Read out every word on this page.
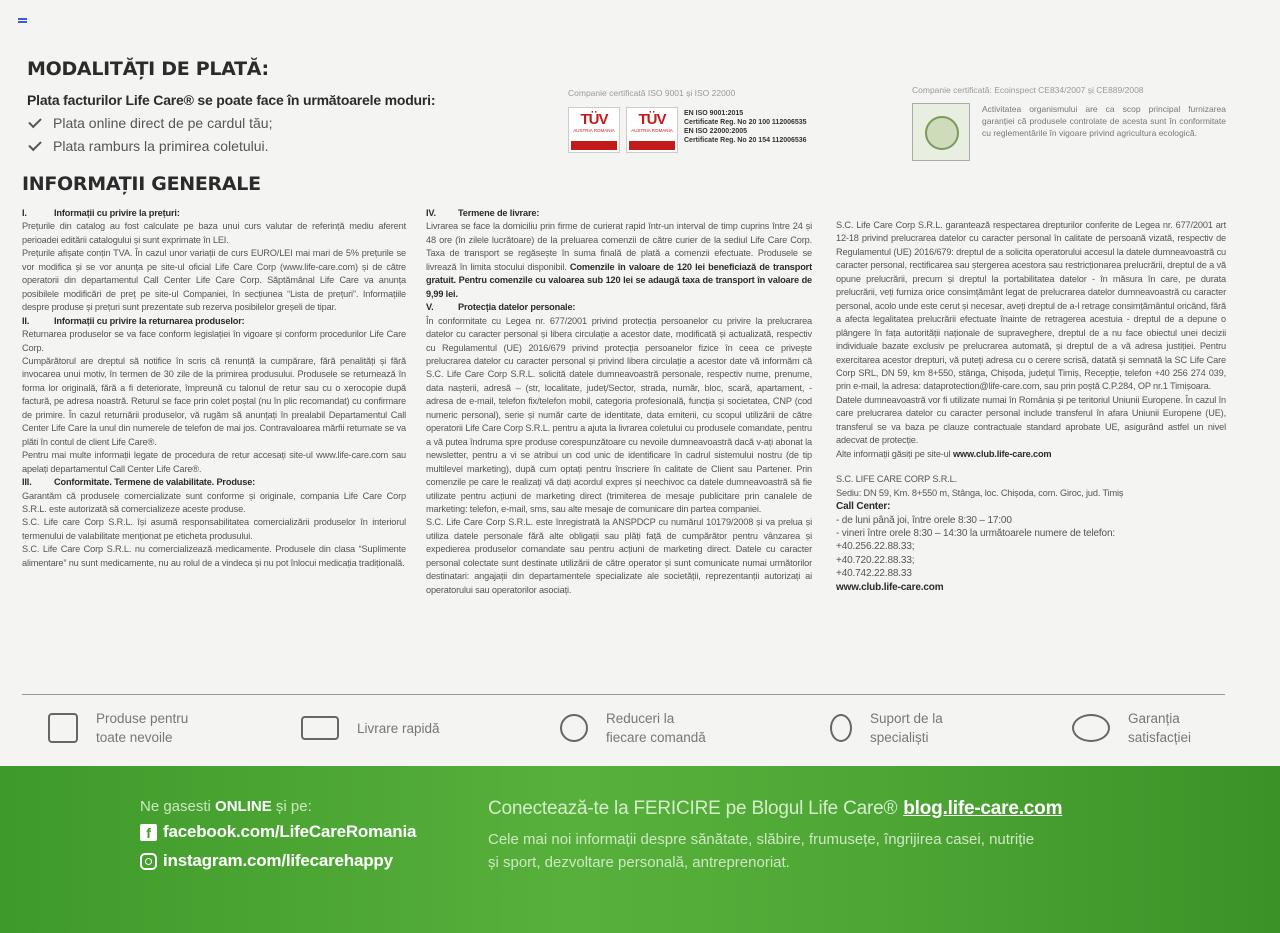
MODALITĂȚI DE PLATĂ:
Plata facturilor Life Care® se poate face în următoarele moduri:
Plata online direct de pe cardul tău;
Plata ramburs la primirea coletului.
INFORMAȚII GENERALE
Companie certificată ISO 9001 și ISO 22000
TÜV
AUSTRIA ROMANIA
TÜV
AUSTRIA ROMANIA
EN ISO 9001:2015
Certificate Reg. No 20 100 112006535
EN ISO 22000:2005
Certificate Reg. No 20 154 112006536
Companie certificată: Ecoinspect CE834/2007 și CE889/2008
Activitatea organismului are ca scop principal furnizarea garanției că produsele controlate de acesta sunt în conformitate cu reglementările în vigoare privind agricultura ecologică.
I.	Informații cu privire la prețuri:

Prețurile din catalog au fost calculate pe baza unui curs valutar de referință mediu aferent perioadei editării catalogului și sunt exprimate în LEI.

Prețurile afișate conțin TVA. În cazul unor variații de curs EURO/LEI mai mari de 5% prețurile se vor modifica și se vor anunța pe site-ul oficial Life Care Corp (www.life-care.com) și de către operatorii din departamentul Call Center Life Care Corp. Săptămânal Life Care va anunța posibilele modificări de preț pe site-ul Companiei, în secțiunea “Lista de prețuri”. Informațiile despre produse și prețuri sunt prezentate sub rezerva posibilelor greșeli de tipar.

II.	Informații cu privire la returnarea produselor:

Returnarea produselor se va face conform legislației în vigoare și conform procedurilor Life Care Corp.

Cumpărătorul are dreptul să notifice în scris că renunță la cumpărare, fără penalități și fără invocarea unui motiv, în termen de 30 zile de la primirea produsului. Produsele se returnează în forma lor originală, fără a fi deteriorate, împreună cu talonul de retur sau cu o xerocopie după factură, pe adresa noastră. Returul se face prin colet poștal (nu în plic recomandat) cu confirmare de primire. În cazul returnării produselor, vă rugăm să anunțați în prealabil Departamentul Call Center Life Care la unul din numerele de telefon de mai jos. Contravaloarea mărfii returnate se va plăti în contul de client Life Care®.

Pentru mai multe informații legate de procedura de retur accesați site-ul www.life-care.com sau apelați departamentul Call Center Life Care®.

III.	Conformitate. Termene de valabilitate. Produse:

Garantăm că produsele comercializate sunt conforme și originale, compania Life Care Corp S.R.L. este autorizată să comercializeze aceste produse.

S.C. Life care Corp S.R.L. își asumă responsabilitatea comercializării produselor în interiorul termenului de valabilitate menționat pe eticheta produsului.

S.C. Life Care Corp S.R.L. nu comercializează medicamente. Produsele din clasa “Suplimente alimentare” nu sunt medicamente, nu au rolul de a vindeca și nu pot înlocui medicația tradițională.

IV.	Termene de livrare:

Livrarea se face la domiciliu prin firme de curierat rapid într-un interval de timp cuprins între 24 și 48 ore (în zilele lucrătoare) de la preluarea comenzii de către curier de la sediul Life Care Corp. Taxa de transport se regăsește în suma finală de plată a comenzii efectuate. Produsele se livrează în limita stocului disponibil. Comenzile în valoare de 120 lei beneficiază de transport gratuit. Pentru comenzile cu valoarea sub 120 lei se adaugă taxa de transport în valoare de 9,99 lei.

V.	Protecția datelor personale:

În conformitate cu Legea nr. 677/2001 privind protecția persoanelor cu privire la prelucrarea datelor cu caracter personal și libera circulație a acestor date, modificată și actualizată, respectiv cu Regulamentul (UE) 2016/679 privind protecția persoanelor fizice în ceea ce privește prelucrarea datelor cu caracter personal și privind libera circulație a acestor date vă informăm că S.C. Life Care Corp S.R.L. solicită datele dumneavoastră personale, respectiv nume, prenume, data nașterii, adresă – (str, localitate, județ/Sector, strada, număr, bloc, scară, apartament, - adresa de e-mail, telefon fix/telefon mobil, categoria profesională, funcția și societatea, CNP (cod numeric personal), serie și număr carte de identitate, data emiterii, cu scopul utilizării de către operatorii Life Care Corp S.R.L. pentru a ajuta la livrarea coletului cu produsele comandate, pentru a vă putea îndruma spre produse corespunzătoare cu nevoile dumneavoastră dacă v-ați abonat la newsletter, pentru a vi se atribui un cod unic de identificare în cadrul sistemului nostru (de tip multilevel marketing), după cum optați pentru înscriere în calitate de Client sau Partener. Prin comenzile pe care le realizați vă dați acordul expres și neechivoc ca datele dumneavoastră să fie utilizate pentru acțiuni de marketing direct (trimiterea de mesaje publicitare prin canalele de marketing: telefon, e-mail, sms, sau alte mesaje de comunicare din partea companiei.

S.C. Life Care Corp S.R.L. este înregistrată la ANSPDCP cu numărul 10179/2008 și va prelua și utiliza datele personale fără alte obligații sau plăți față de cumpărător pentru vânzarea și expedierea produselor comandate sau pentru acțiuni de marketing direct. Datele cu caracter personal colectate sunt destinate utilizării de către operator și sunt comunicate numai următorilor destinatari: angajații din departamentele specializate ale societății, reprezentanții autorizați ai operatorului sau operatorilor asociați.

S.C. Life Care Corp S.R.L. garantează respectarea drepturilor conferite de Legea nr. 677/2001 art 12-18 privind prelucrarea datelor cu caracter personal în calitate de persoană vizată, respectiv de Regulamentul (UE) 2016/679: dreptul de a solicita operatorului accesul la datele dumneavoastră cu caracter personal, rectificarea sau ștergerea acestora sau restricționarea prelucrării, dreptul de a vă opune prelucrării, precum și dreptul la portabilitatea datelor - în măsura în care, pe durata prelucrării, veți furniza orice consimțământ legat de prelucrarea datelor dumneavoastră cu caracter personal, acolo unde este cerut și necesar, aveți dreptul de a-l retrage consimțământul oricând, fără a afecta legalitatea prelucrării efectuate înainte de retragerea acestuia - dreptul de a depune o plângere în fața autorității naționale de supraveghere, dreptul de a nu face obiectul unei decizii individuale bazate exclusiv pe prelucrarea automată, și dreptul de a vă adresa justiției. Pentru exercitarea acestor drepturi, vă puteți adresa cu o cerere scrisă, datată și semnată la SC Life Care Corp SRL, DN 59, km 8+550, stânga, Chișoda, județul Timiș, Recepție, telefon +40 256 274 039, prin e-mail, la adresa: dataprotection@life-care.com, sau prin poștă C.P.284, OP nr.1 Timișoara.

Datele dumneavoastră vor fi utilizate numai în România și pe teritoriul Uniunii Europene. În cazul în care prelucrarea datelor cu caracter personal include transferul în afara Uniunii Europene (UE), transferul se va baza pe clauze contractuale standard aprobate UE, asigurând astfel un nivel adecvat de protecție.

Alte informații găsiți pe site-ul www.club.life-care.com

S.C. LIFE CARE CORP S.R.L.

Sediu: DN 59, Km. 8+550 m, Stânga, loc. Chișoda, com. Giroc, jud. Timiș

Call Center:
- de luni până joi, între orele 8:30 – 17:00
- vineri între orele 8:30 – 14:30 la următoarele numere de telefon:
+40.256.22.88.33;
+40.720.22.88.33;
+40.742.22.88.33
www.club.life-care.com
Produse pentru
toate nevoile
Livrare rapidă
Reduceri la
fiecare comandă
Suport de la
specialiști
Garanția
satisfacției
Ne gasesti ONLINE și pe:
f facebook.com/LifeCareRomania
instagram.com/lifecarehappy
Conectează-te la FERICIRE pe Blogul Life Care® blog.life-care.com
Cele mai noi informații despre sănătate, slăbire, frumusețe, îngrijirea casei, nutriție și sport, dezvoltare personală, antreprenoriat.
